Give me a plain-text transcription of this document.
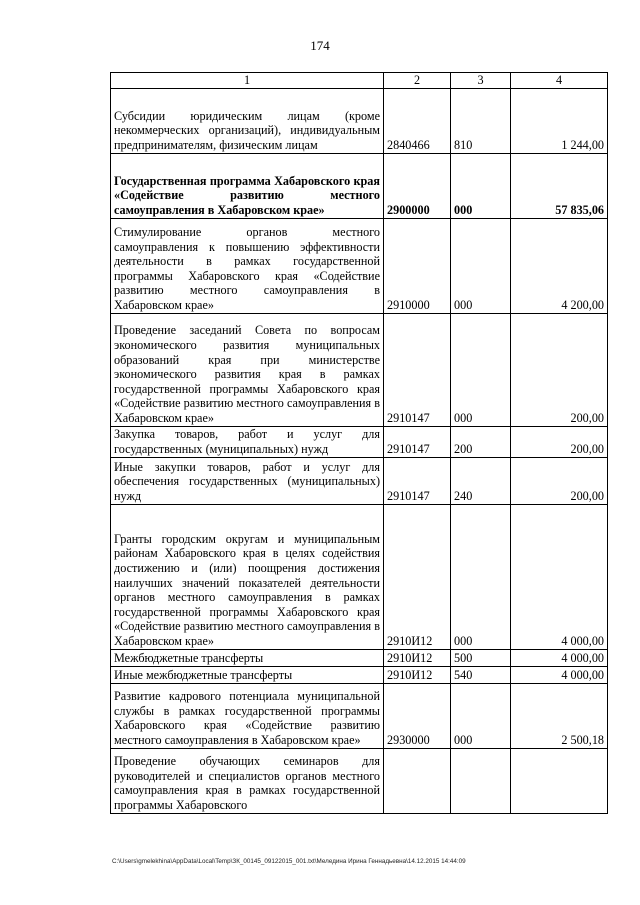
174
1	2	3	4
Субсидии юридическим лицам (кроме некоммерческих организаций), индивидуальным предпринимателям, физическим лицам	2840466	810	1 244,00
Государственная программа Хабаровского края «Содействие развитию местного самоуправления в Хабаровском крае»	2900000	000	57 835,06
Стимулирование органов местного самоуправления к повышению эффективности деятельности в рамках государственной программы Хабаровского края «Содействие развитию местного самоуправления в Хабаровском крае»	2910000	000	4 200,00
Проведение заседаний Совета по вопросам экономического развития муниципальных образований края при министерстве экономического развития края в рамках государственной программы Хабаровского края «Содействие развитию местного самоуправления в Хабаровском крае»	2910147	000	200,00
Закупка товаров, работ и услуг для государственных (муниципальных) нужд	2910147	200	200,00
Иные закупки товаров, работ и услуг для обеспечения государственных (муниципальных) нужд	2910147	240	200,00
Гранты городским округам и муниципальным районам Хабаровского края в целях содействия достижению и (или) поощрения достижения наилучших значений показателей деятельности органов местного самоуправления в рамках государственной программы Хабаровского края «Содействие развитию местного самоуправления в Хабаровском крае»	2910И12	000	4 000,00
Межбюджетные трансферты	2910И12	500	4 000,00
Иные межбюджетные трансферты	2910И12	540	4 000,00
Развитие кадрового потенциала муниципальной службы в рамках государственной программы Хабаровского края «Содействие развитию местного самоуправления в Хабаровском крае»	2930000	000	2 500,18
Проведение обучающих семинаров для руководителей и специалистов органов местного самоуправления края в рамках государственной программы Хабаровского			
C:\Users\gmelekhina\AppData\Local\Temp\ЗК_00145_09122015_001.txt\Меледина Ирина Геннадьевна\14.12.2015 14:44:09
